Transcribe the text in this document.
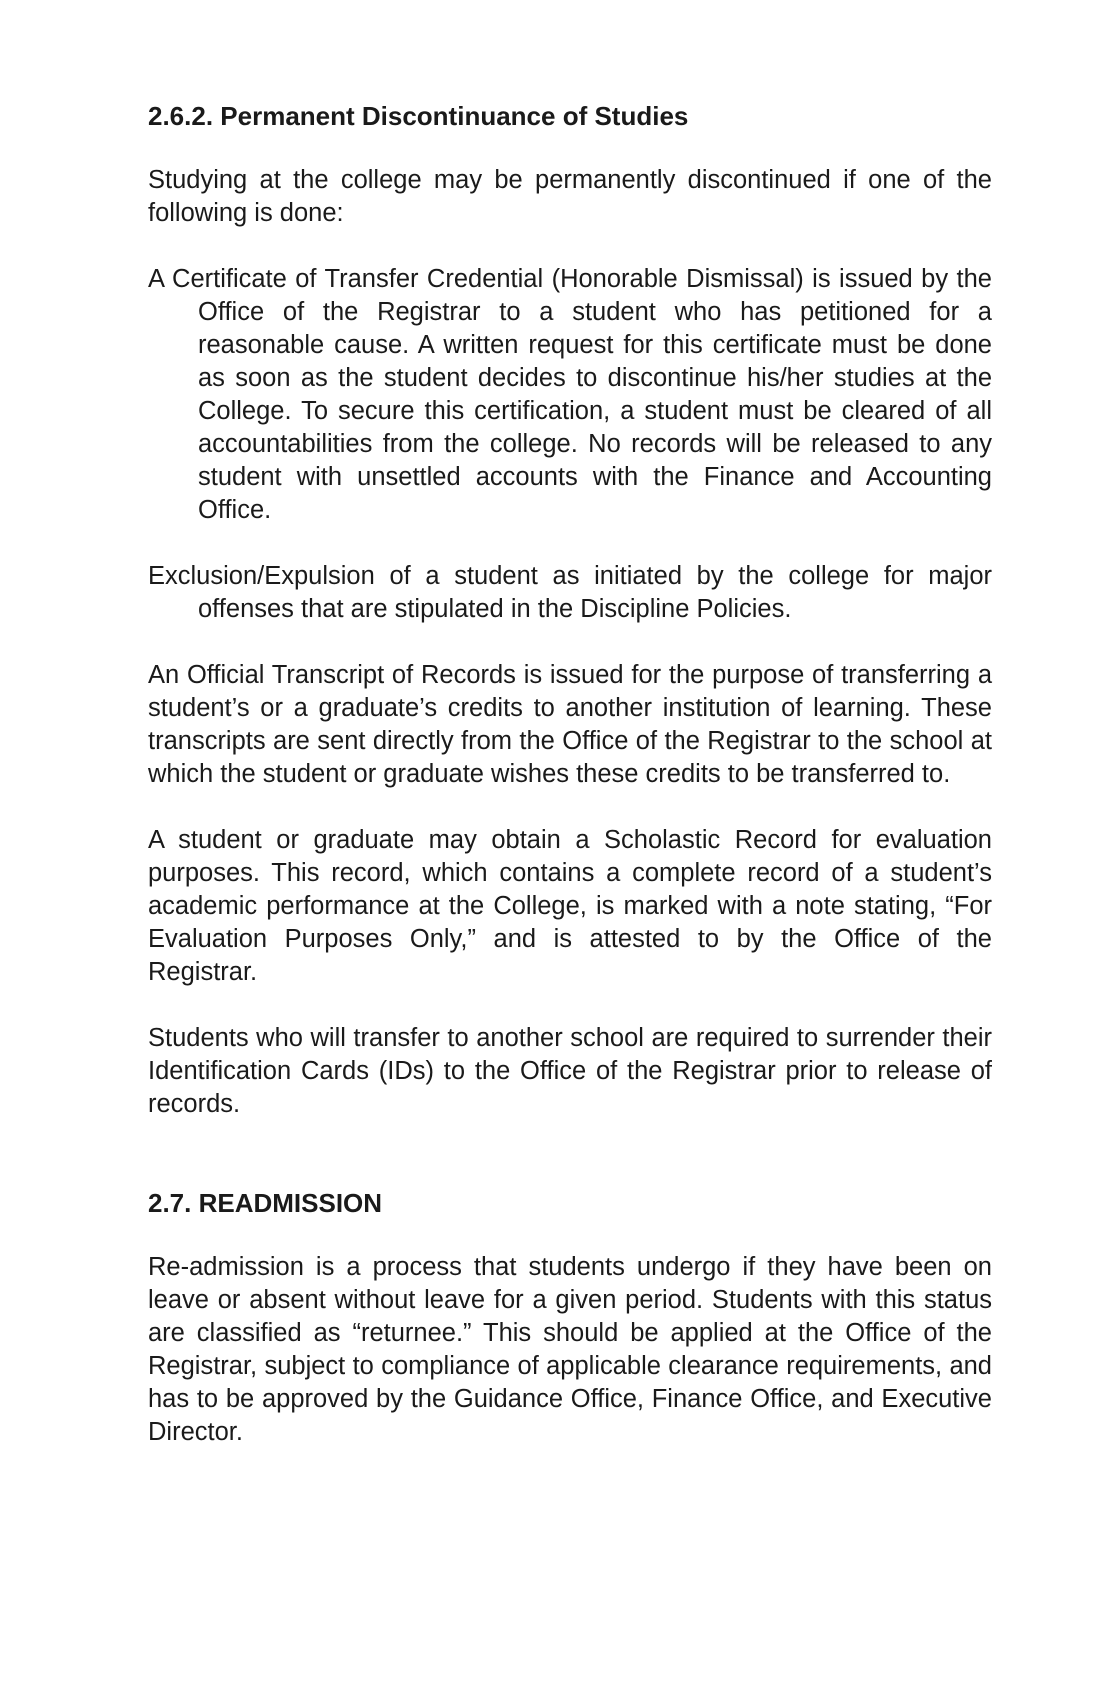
2.6.2. Permanent Discontinuance of Studies

Studying at the college may be permanently discontinued if one of the following is done:

A Certificate of Transfer Credential (Honorable Dismissal) is issued by the Office of the Registrar to a student who has petitioned for a reasonable cause. A written request for this certificate must be done as soon as the student decides to discontinue his/her studies at the College. To secure this certification, a student must be cleared of all accountabilities from the college. No records will be released to any student with unsettled accounts with the Finance and Accounting Office.

Exclusion/Expulsion of a student as initiated by the college for major offenses that are stipulated in the Discipline Policies.

An Official Transcript of Records is issued for the purpose of transferring a student’s or a graduate’s credits to another institution of learning. These transcripts are sent directly from the Office of the Registrar to the school at which the student or graduate wishes these credits to be transferred to.

A student or graduate may obtain a Scholastic Record for evaluation purposes. This record, which contains a complete record of a student’s academic performance at the College, is marked with a note stating, “For Evaluation Purposes Only,” and is attested to by the Office of the Registrar.

Students who will transfer to another school are required to surrender their Identification Cards (IDs) to the Office of the Registrar prior to release of records.

2.7. READMISSION

Re-admission is a process that students undergo if they have been on leave or absent without leave for a given period. Students with this status are classified as “returnee.” This should be applied at the Office of the Registrar, subject to compliance of applicable clearance requirements, and has to be approved by the Guidance Office, Finance Office, and Executive Director.
